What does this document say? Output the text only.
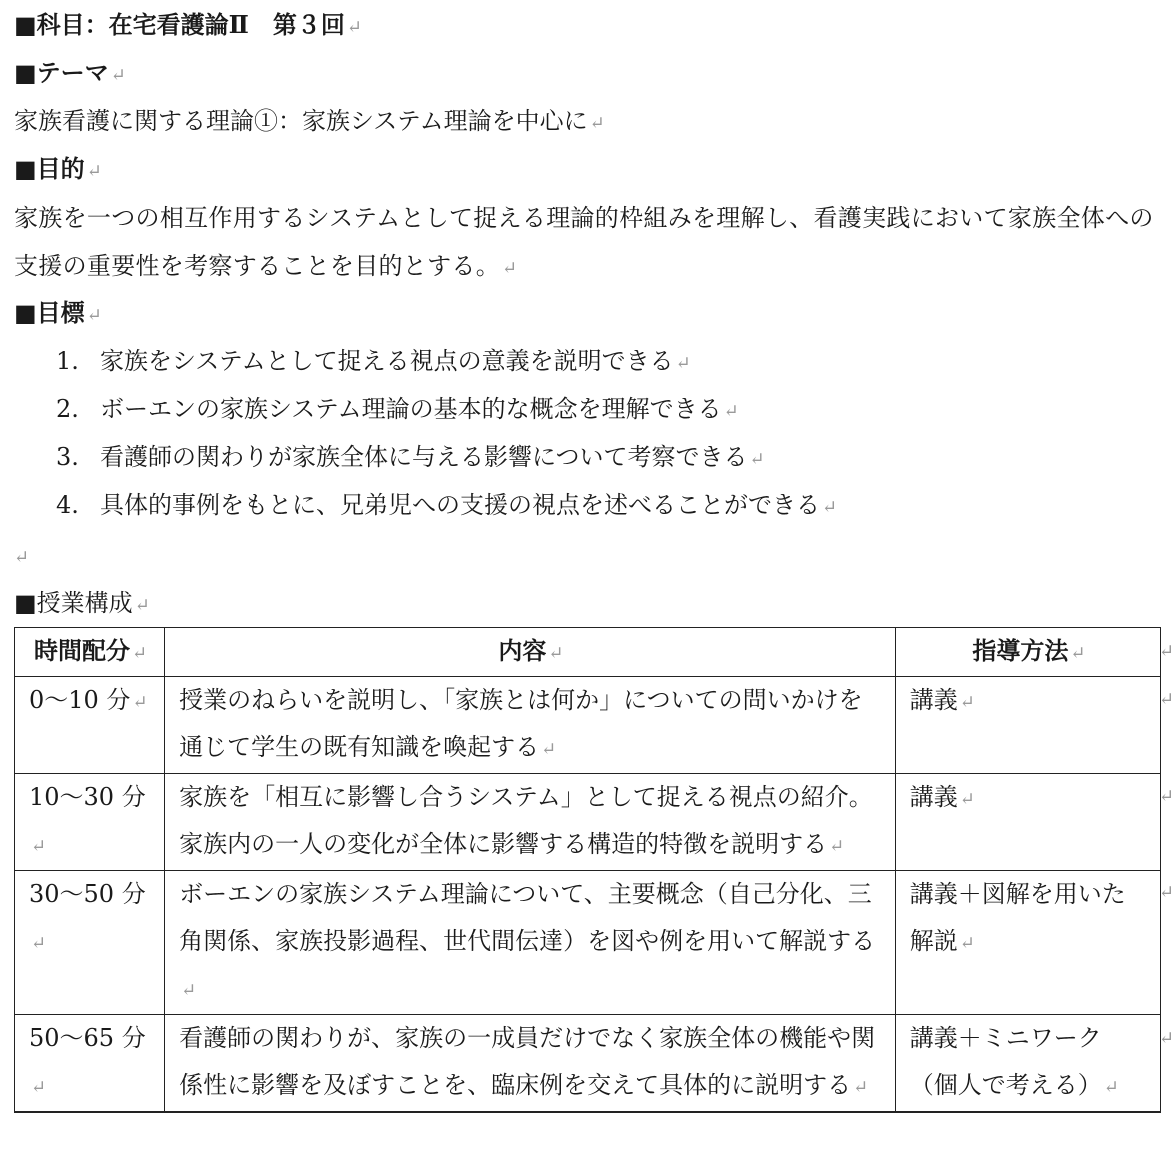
■科目：在宅看護論Ⅱ　第３回 ↵
■テーマ ↵
家族看護に関する理論①：家族システム理論を中心に ↵
■目的 ↵
家族を一つの相互作用するシステムとして捉える理論的枠組みを理解し、看護実践において家族全体への支援の重要性を考察することを目的とする。 ↵
■目標 ↵
1. 家族をシステムとして捉える視点の意義を説明できる ↵
2. ボーエンの家族システム理論の基本的な概念を理解できる ↵
3. 看護師の関わりが家族全体に与える影響について考察できる ↵
4. 具体的事例をもとに、兄弟児への支援の視点を述べることができる ↵
↵
■授業構成 ↵
時間配分 ↵	内容 ↵	指導方法 ↵
0〜10 分 ↵	授業のねらいを説明し、「家族とは何か」についての問いかけを通じて学生の既有知識を喚起する ↵	講義 ↵
10〜30 分↵	家族を「相互に影響し合うシステム」として捉える視点の紹介。家族内の一人の変化が全体に影響する構造的特徴を説明する ↵	講義 ↵
30〜50 分↵	ボーエンの家族システム理論について、主要概念（自己分化、三角関係、家族投影過程、世代間伝達）を図や例を用いて解説する↵	講義＋図解を用いた解説 ↵
50〜65 分↵	看護師の関わりが、家族の一成員だけでなく家族全体の機能や関係性に影響を及ぼすことを、臨床例を交えて具体的に説明する ↵	講義＋ミニワーク（個人で考える） ↵

↵
↵
↵
↵
↵
